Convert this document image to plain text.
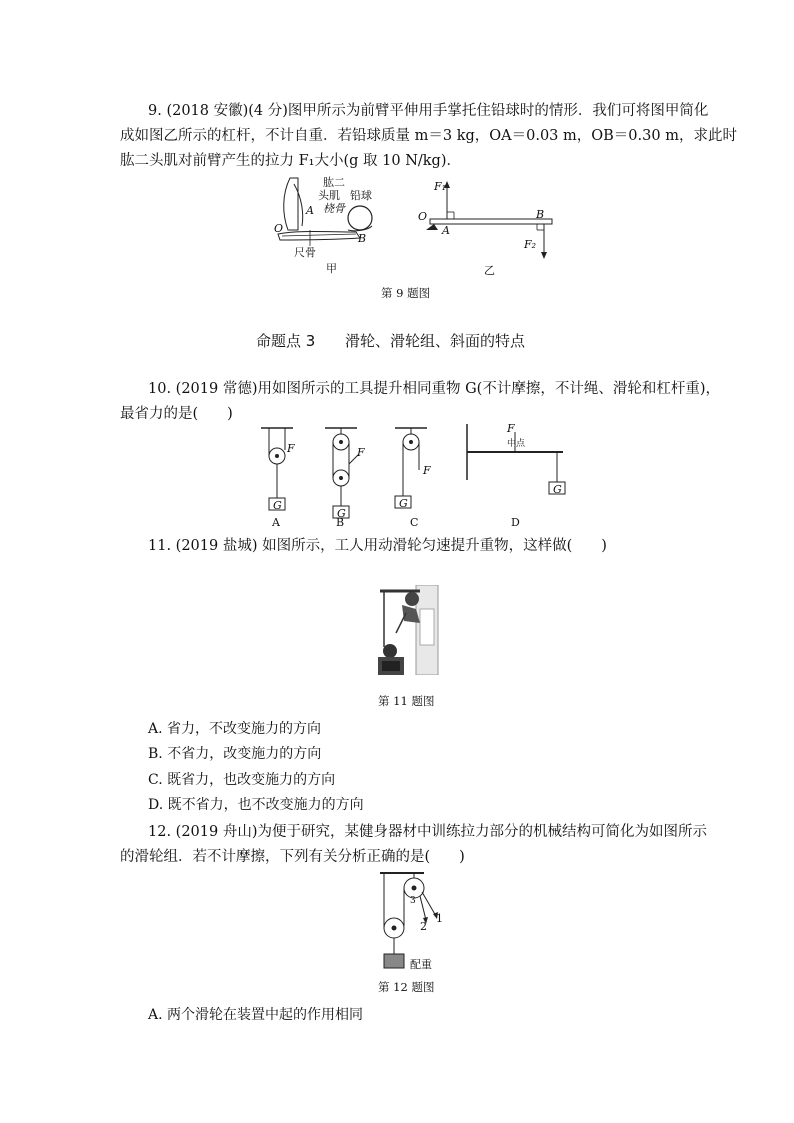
9. (2018 安徽)(4 分)图甲所示为前臂平伸用手掌托住铅球时的情形．我们可将图甲简化
成如图乙所示的杠杆，不计自重．若铅球质量 m＝3 kg，OA＝0.03 m，OB＝0.30 m，求此时
肱二头肌对前臂产生的拉力 F₁大小(g 取 10 N/kg)．
肱二
头肌 铅球
桡骨
A
O
B
尺骨
甲
F₁
O
A
B
F₂
乙
第 9 题图
命题点 3 滑轮、滑轮组、斜面的特点
10. (2019 常德)用如图所示的工具提升相同重物 G(不计摩擦，不计绳、滑轮和杠杆重)，
最省力的是(　　)
F
G
F
G
F
G
F
中点
G
A	B	C	D
11. (2019 盐城) 如图所示，工人用动滑轮匀速提升重物，这样做(　　)
第 11 题图
A. 省力，不改变施力的方向
B. 不省力，改变施力的方向
C. 既省力，也改变施力的方向
D. 既不省力，也不改变施力的方向
12. (2019 舟山)为便于研究，某健身器材中训练拉力部分的机械结构可简化为如图所示
的滑轮组．若不计摩擦，下列有关分析正确的是(　　)
1
2
3
配重
第 12 题图
A. 两个滑轮在装置中起的作用相同
